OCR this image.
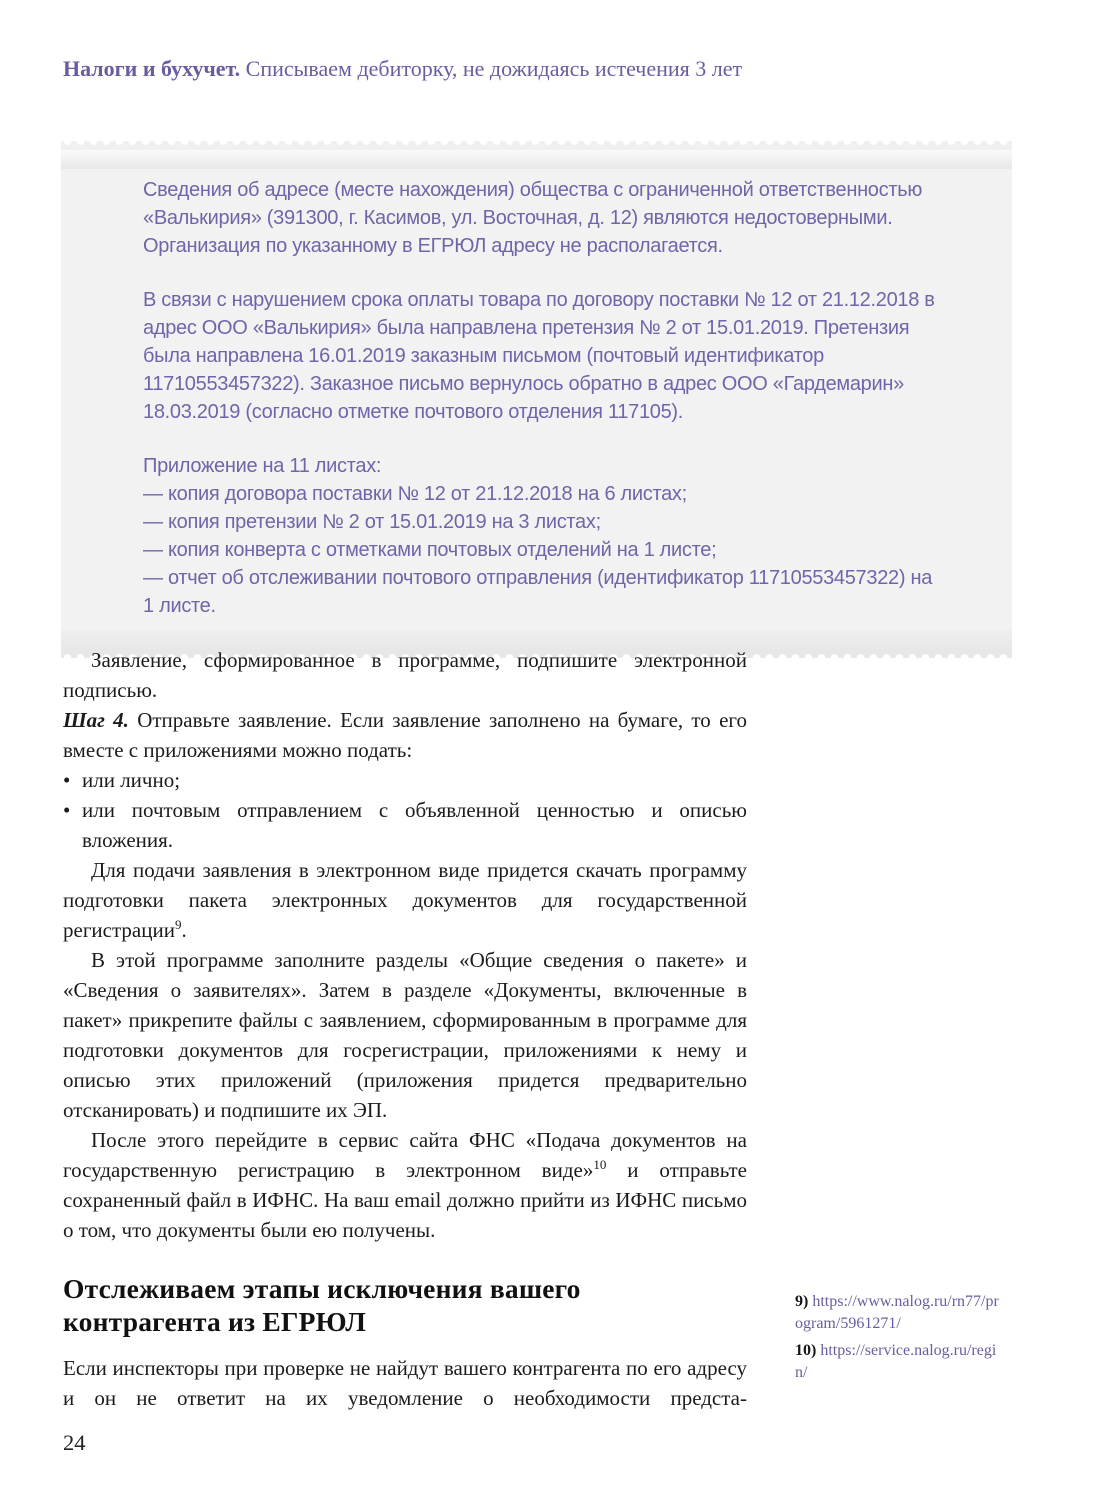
Налоги и бухучет. Списываем дебиторку, не дожидаясь истечения 3 лет

Сведения об адресе (месте нахождения) общества с ограниченной ответственностью «Валькирия» (391300, г. Касимов, ул. Восточная, д. 12) являются недостоверными. Организация по указанному в ЕГРЮЛ адресу не располагается.

В связи с нарушением срока оплаты товара по договору поставки № 12 от 21.12.2018 в адрес ООО «Валькирия» была направлена претензия № 2 от 15.01.2019. Претензия была направлена 16.01.2019 заказным письмом (почтовый идентификатор 11710553457322). Заказное письмо вернулось обратно в адрес ООО «Гардемарин» 18.03.2019 (согласно отметке почтового отделения 117105).

Приложение на 11 листах:

— копия договора поставки № 12 от 21.12.2018 на 6 листах;

— копия претензии № 2 от 15.01.2019 на 3 листах;

— копия конверта с отметками почтовых отделений на 1 листе;

— отчет об отслеживании почтового отправления (идентификатор 11710553457322) на 1 листе.

Заявление, сформированное в программе, подпишите электронной подписью.

Шаг 4. Отправьте заявление. Если заявление заполнено на бумаге, то его вместе с приложениями можно подать:

• или лично;

• или почтовым отправлением с объявленной ценностью и описью вложения.

Для подачи заявления в электронном виде придется скачать программу подготовки пакета электронных документов для государственной регистрации$^9$.

В этой программе заполните разделы «Общие сведения о пакете» и «Сведения о заявителях». Затем в разделе «Документы, включенные в пакет» прикрепите файлы с заявлением, сформированным в программе для подготовки документов для госрегистрации, приложениями к нему и описью этих приложений (приложения придется предварительно отсканировать) и подпишите их ЭП.

После этого перейдите в сервис сайта ФНС «Подача документов на государственную регистрацию в электронном виде»$^{10}$ и отправьте сохраненный файл в ИФНС. На ваш email должно прийти из ИФНС письмо о том, что документы были ею получены.

Отслеживаем этапы исключения вашего контрагента из ЕГРЮЛ

Если инспекторы при проверке не найдут вашего контрагента по его адресу и он не ответит на их уведомление о необходимости предста-

9) https://www.nalog.ru/rn77/program/5961271/
10) https://service.nalog.ru/regin/
24
